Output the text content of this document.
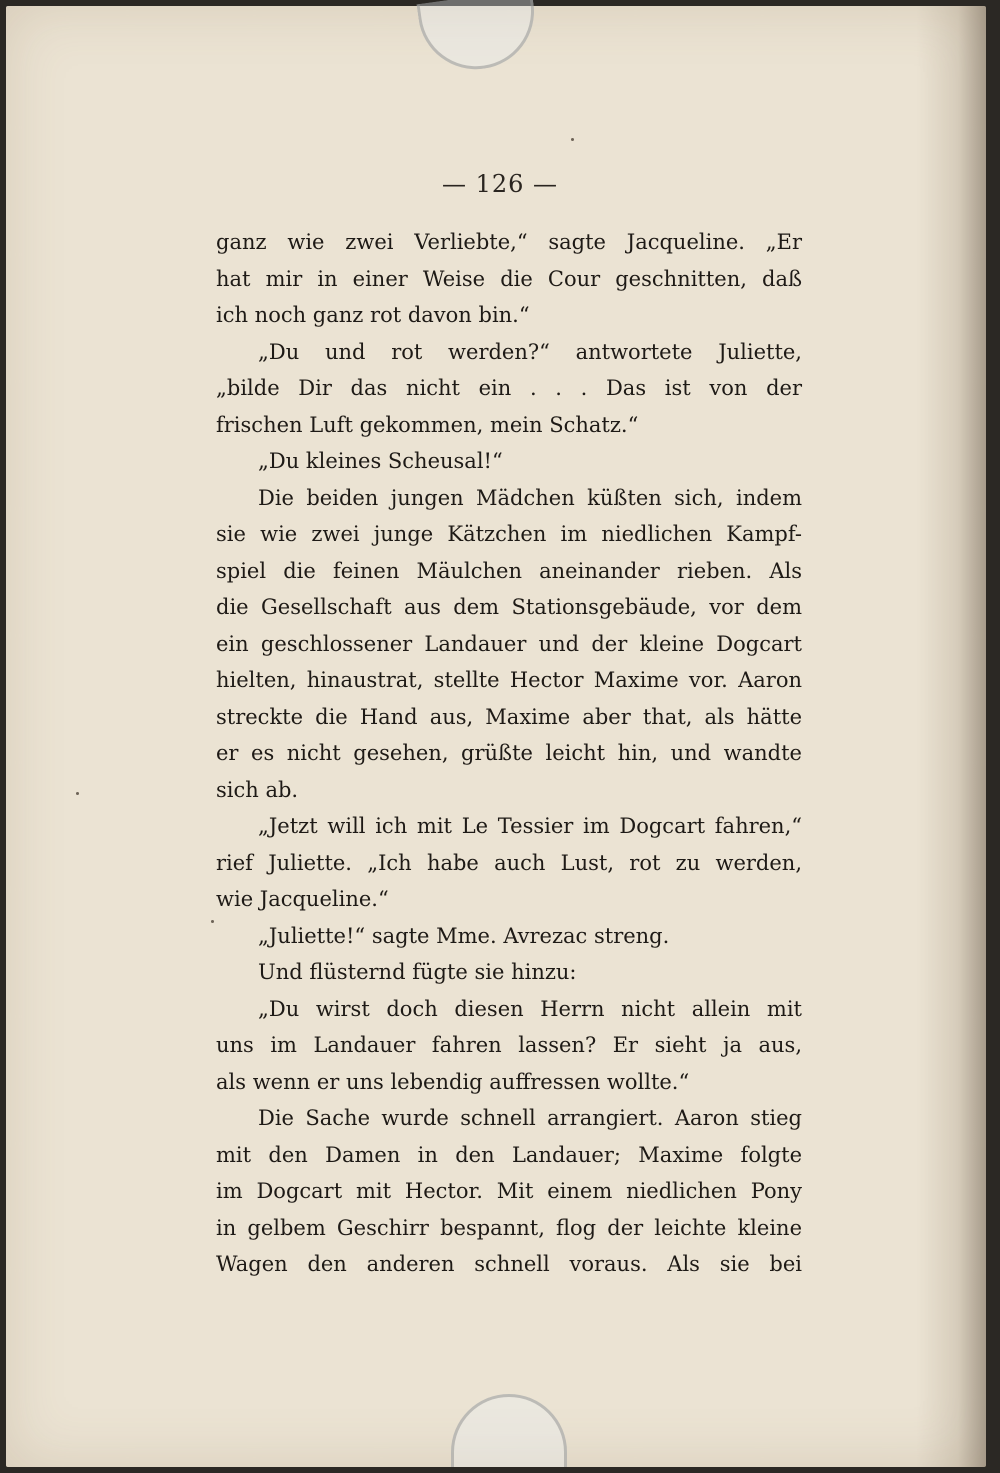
— 126 —
ganz wie zwei Verliebte,“ sagte Jacqueline. „Er
hat mir in einer Weise die Cour geschnitten, daß
ich noch ganz rot davon bin.“
„Du und rot werden?“ antwortete Juliette,
„bilde Dir das nicht ein . . . Das ist von der
frischen Luft gekommen, mein Schatz.“
„Du kleines Scheusal!“
Die beiden jungen Mädchen küßten sich, indem
sie wie zwei junge Kätzchen im niedlichen Kampf-
spiel die feinen Mäulchen aneinander rieben. Als
die Gesellschaft aus dem Stationsgebäude, vor dem
ein geschlossener Landauer und der kleine Dogcart
hielten, hinaustrat, stellte Hector Maxime vor. Aaron
streckte die Hand aus, Maxime aber that, als hätte
er es nicht gesehen, grüßte leicht hin, und wandte
sich ab.
„Jetzt will ich mit Le Tessier im Dogcart fahren,“
rief Juliette. „Ich habe auch Lust, rot zu werden,
wie Jacqueline.“
„Juliette!“ sagte Mme. Avrezac streng.
Und flüsternd fügte sie hinzu:
„Du wirst doch diesen Herrn nicht allein mit
uns im Landauer fahren lassen? Er sieht ja aus,
als wenn er uns lebendig auffressen wollte.“
Die Sache wurde schnell arrangiert. Aaron stieg
mit den Damen in den Landauer; Maxime folgte
im Dogcart mit Hector. Mit einem niedlichen Pony
in gelbem Geschirr bespannt, flog der leichte kleine
Wagen den anderen schnell voraus. Als sie bei
